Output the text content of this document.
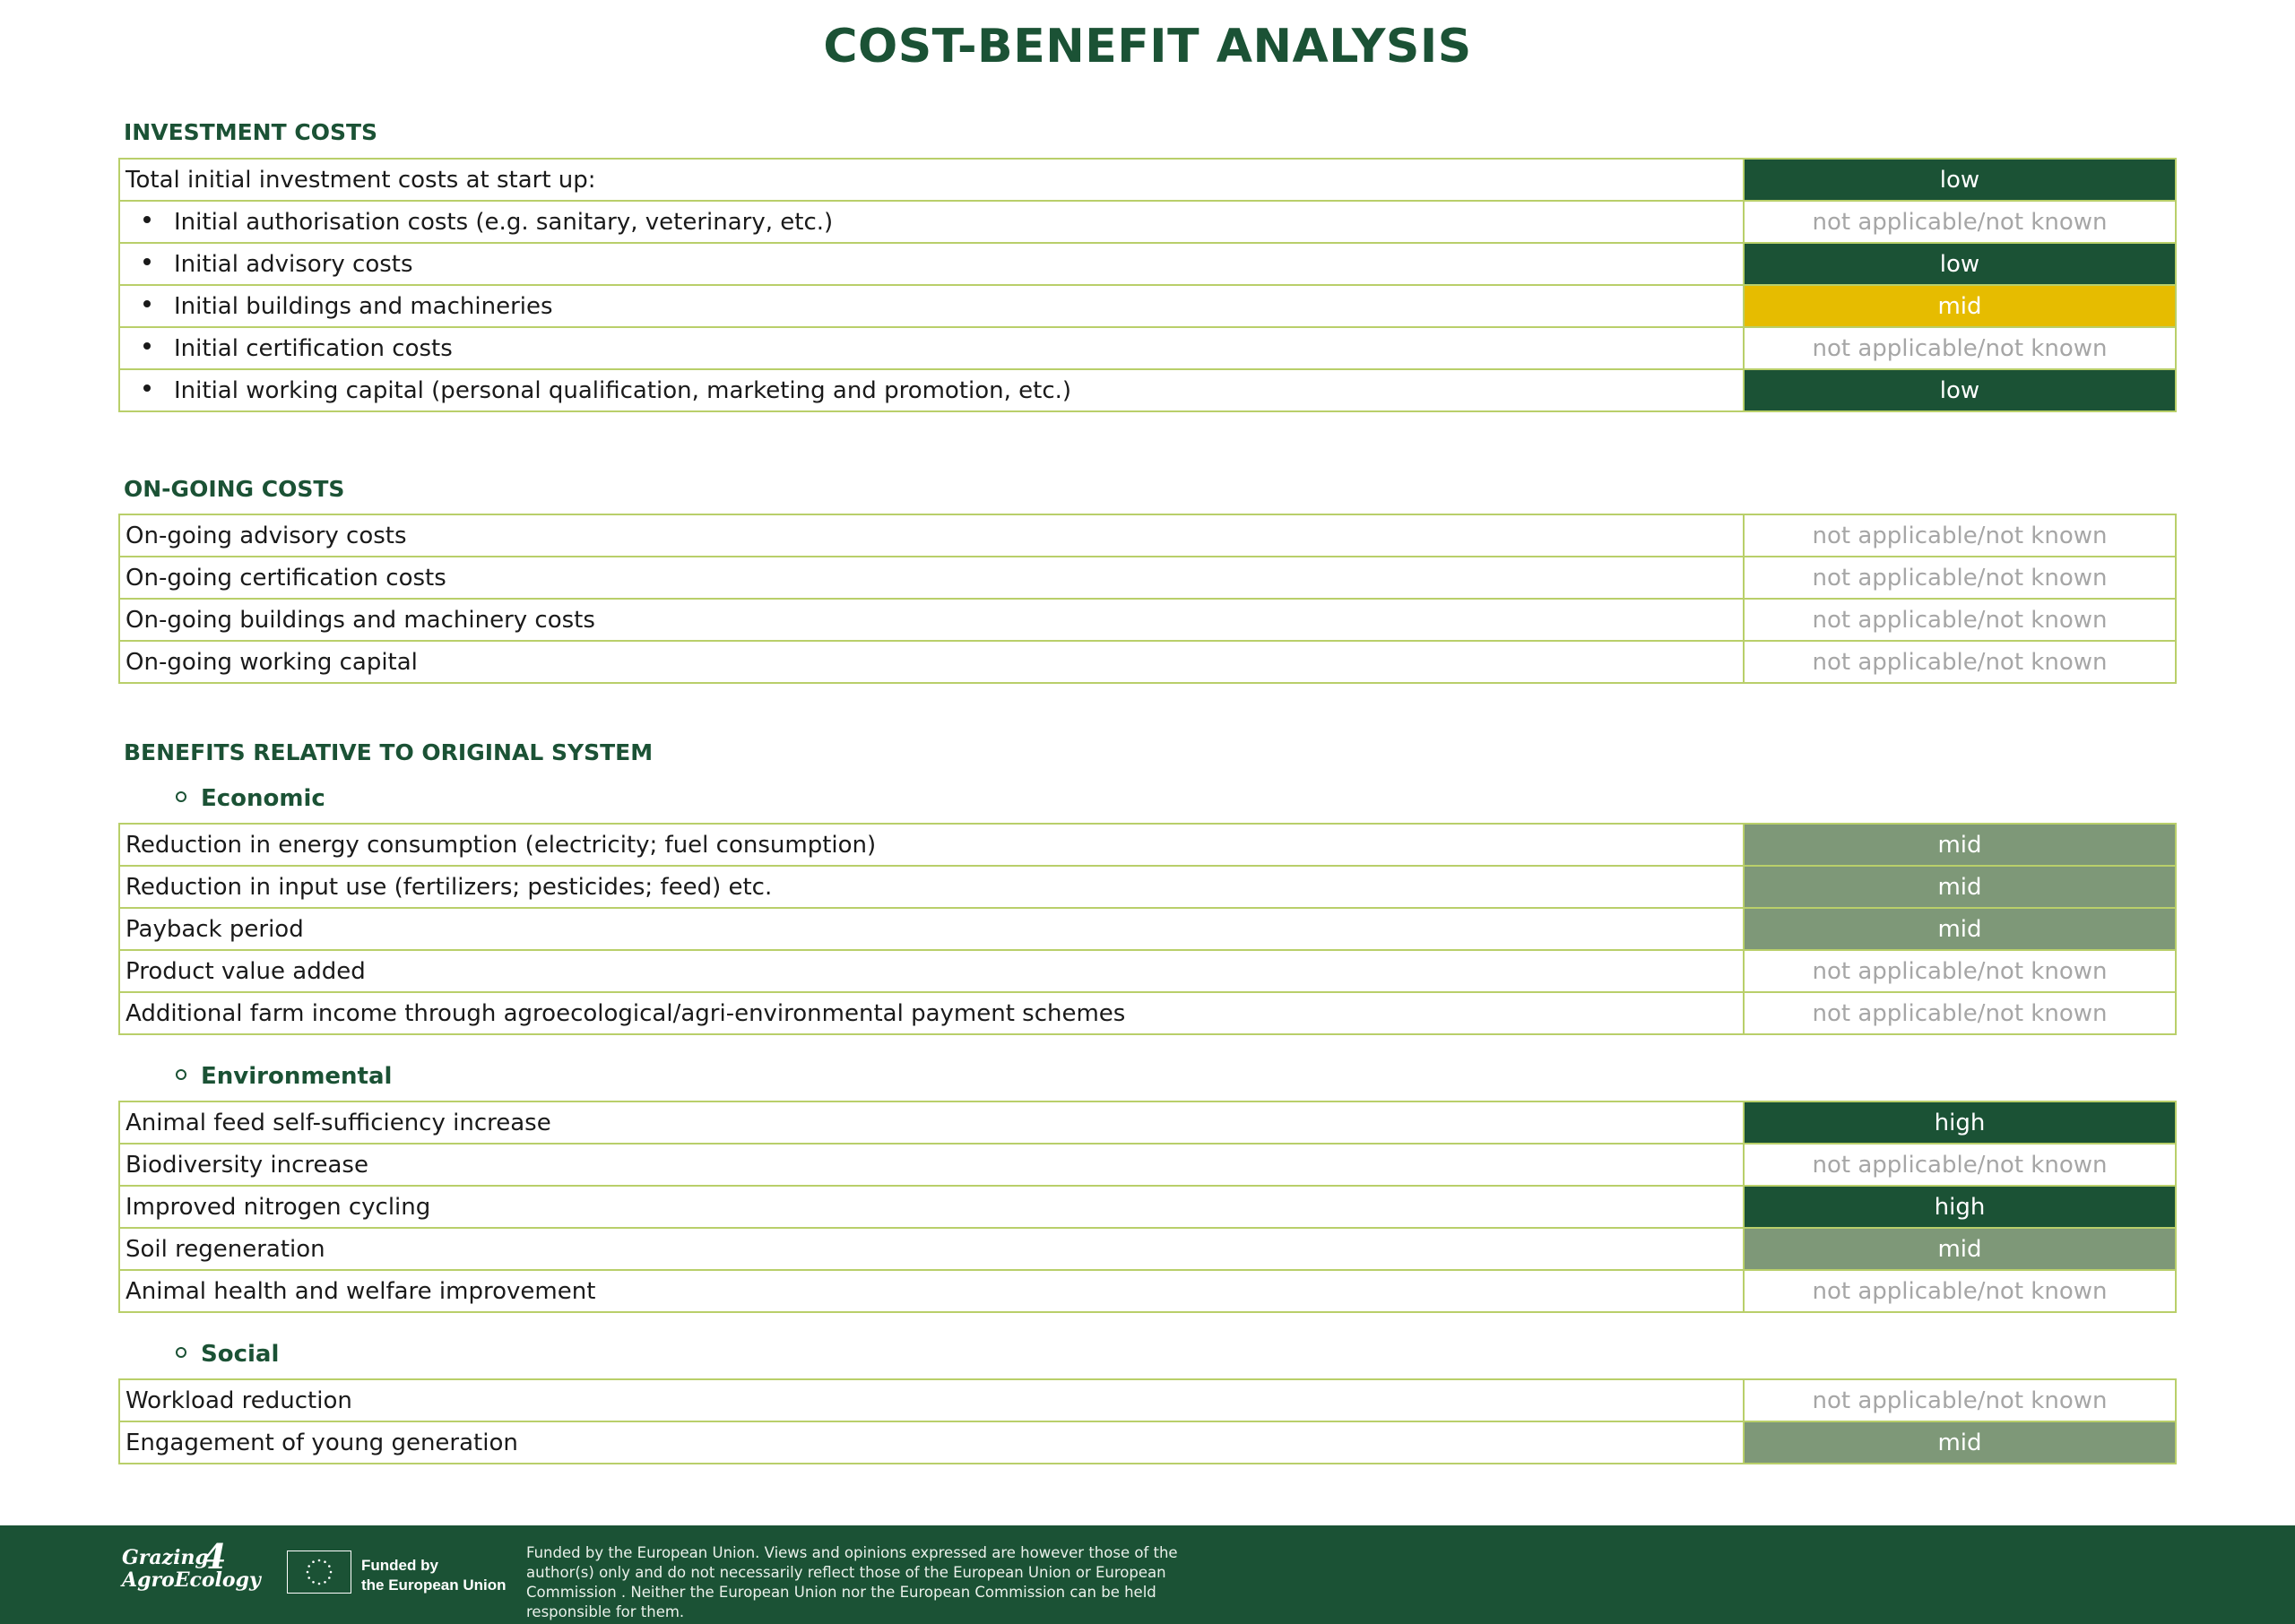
COST-BENEFIT ANALYSIS
INVESTMENT COSTS
Total initial investment costs at start up:	low
Initial authorisation costs (e.g. sanitary, veterinary, etc.)	not applicable/not known
Initial advisory costs	low
Initial buildings and machineries	mid
Initial certification costs	not applicable/not known
Initial working capital (personal qualification, marketing and promotion, etc.)	low
ON-GOING COSTS
On-going advisory costs	not applicable/not known
On-going certification costs	not applicable/not known
On-going buildings and machinery costs	not applicable/not known
On-going working capital	not applicable/not known
BENEFITS RELATIVE TO ORIGINAL SYSTEM
Economic
Reduction in energy consumption (electricity; fuel consumption)	mid
Reduction in input use (fertilizers; pesticides; feed) etc.	mid
Payback period	mid
Product value added	not applicable/not known
Additional farm income through agroecological/agri-environmental payment schemes	not applicable/not known
Environmental
Animal feed self-sufficiency increase	high
Biodiversity increase	not applicable/not known
Improved nitrogen cycling	high
Soil regeneration	mid
Animal health and welfare improvement	not applicable/not known
Social
Workload reduction	not applicable/not known
Engagement of young generation	mid
Grazing
AgroEcology
4	Funded by
the European Union
Funded by the European Union. Views and opinions expressed are however those of the author(s) only and do not necessarily reflect those of the European Union or European Commission . Neither the European Union nor the European Commission can be held responsible for them.
